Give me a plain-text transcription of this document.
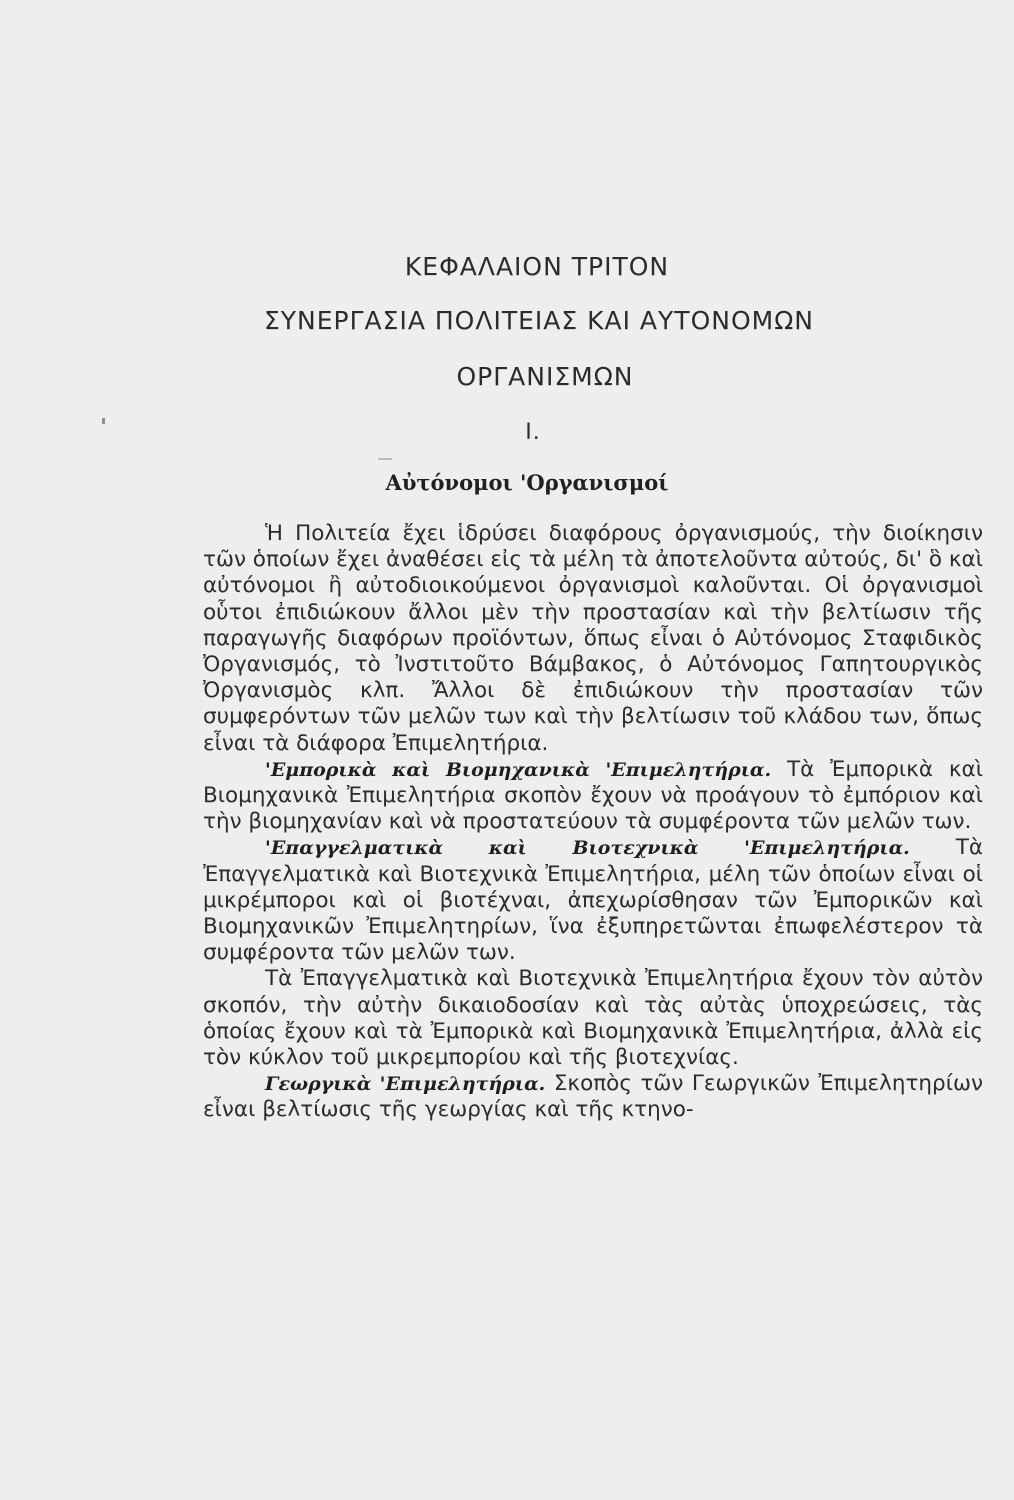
ΚΕΦΑΛΑΙΟΝ ΤΡΙΤΟΝ
ΣΥΝΕΡΓΑΣΙΑ ΠΟΛΙΤΕΙΑΣ ΚΑΙ ΑΥΤΟΝΟΜΩΝ
ΟΡΓΑΝΙΣΜΩΝ
Ι.
Αὐτόνομοι 'Οργανισμοί

Ἡ Πολιτεία ἔχει ἱδρύσει διαφόρους ὀργανισμούς, τὴν διοίκησιν τῶν ὁποίων ἔχει ἀναθέσει εἰς τὰ μέλη τὰ ἀποτελοῦντα αὐτούς, δι' ὃ καὶ αὐτόνομοι ἢ αὐτοδιοικούμενοι ὀργανισμοὶ καλοῦνται. Οἱ ὀργανισμοὶ οὗτοι ἐπιδιώκουν ἄλλοι μὲν τὴν προστασίαν καὶ τὴν βελτίωσιν τῆς παραγωγῆς διαφόρων προϊόντων, ὅπως εἶναι ὁ Αὐτόνομος Σταφιδικὸς Ὀργανισμός, τὸ Ἰνστιτοῦτο Βάμβακος, ὁ Αὐτόνομος Γαπητουργικὸς Ὀργανισμὸς κλπ. Ἄλλοι δὲ ἐπιδιώκουν τὴν προστασίαν τῶν συμφερόντων τῶν μελῶν των καὶ τὴν βελτίωσιν τοῦ κλάδου των, ὅπως εἶναι τὰ διάφορα Ἐπιμελητήρια.

'Εμπορικὰ καὶ Βιομηχανικὰ 'Επιμελητήρια. Τὰ Ἐμπορικὰ καὶ Βιομηχανικὰ Ἐπιμελητήρια σκοπὸν ἔχουν νὰ προάγουν τὸ ἐμπόριον καὶ τὴν βιομηχανίαν καὶ νὰ προστατεύουν τὰ συμφέροντα τῶν μελῶν των.

'Επαγγελματικὰ καὶ Βιοτεχνικὰ 'Επιμελητήρια. Τὰ Ἐπαγγελματικὰ καὶ Βιοτεχνικὰ Ἐπιμελητήρια, μέλη τῶν ὁποίων εἶναι οἱ μικρέμποροι καὶ οἱ βιοτέχναι, ἀπεχωρίσθησαν τῶν Ἐμπορικῶν καὶ Βιομηχανικῶν Ἐπιμελητηρίων, ἵνα ἐξυπηρετῶνται ἐπωφελέστερον τὰ συμφέροντα τῶν μελῶν των.

Τὰ Ἐπαγγελματικὰ καὶ Βιοτεχνικὰ Ἐπιμελητήρια ἔχουν τὸν αὐτὸν σκοπόν, τὴν αὐτὴν δικαιοδοσίαν καὶ τὰς αὐτὰς ὑποχρεώσεις, τὰς ὁποίας ἔχουν καὶ τὰ Ἐμπορικὰ καὶ Βιομηχανικὰ Ἐπιμελητήρια, ἀλλὰ εἰς τὸν κύκλον τοῦ μικρεμπορίου καὶ τῆς βιοτεχνίας.

Γεωργικὰ 'Επιμελητήρια. Σκοπὸς τῶν Γεωργικῶν Ἐπιμελητηρίων εἶναι βελτίωσις τῆς γεωργίας καὶ τῆς κτηνο-
